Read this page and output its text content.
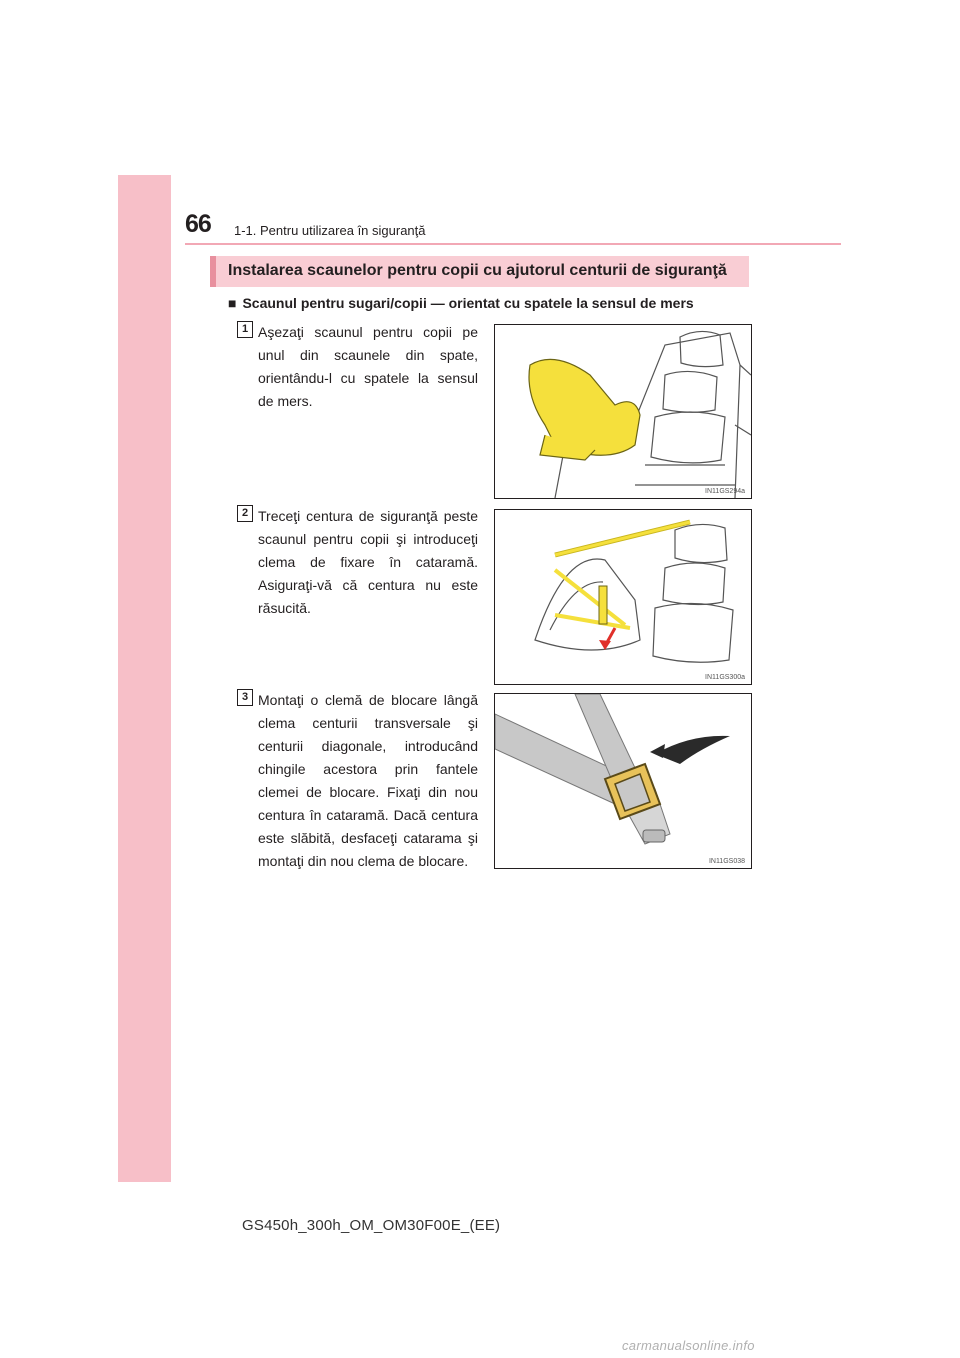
66 1-1. Pentru utilizarea în siguranţă
Instalarea scaunelor pentru copii cu ajutorul centurii de siguranţă
■ Scaunul pentru sugari/copii — orientat cu spatele la sensul de mers
1 Aşezaţi scaunul pentru copii pe unul din scaunele din spate, orientându-l cu spatele la sensul de mers.
IN11GS294a
2 Treceţi centura de siguranţă peste scaunul pentru copii şi introduceţi clema de fixare în cataramă. Asiguraţi-vă că centura nu este răsucită.
IN11GS300a
3 Montaţi o clemă de blocare lângă clema centurii transversale şi centurii diagonale, introducând chingile acestora prin fantele clemei de blocare. Fixaţi din nou centura în cataramă. Dacă centura este slăbită, desfaceţi catarama şi montaţi din nou clema de blocare.	IN11GS038
GS450h_300h_OM_OM30F00E_(EE)
carmanualsonline.info
